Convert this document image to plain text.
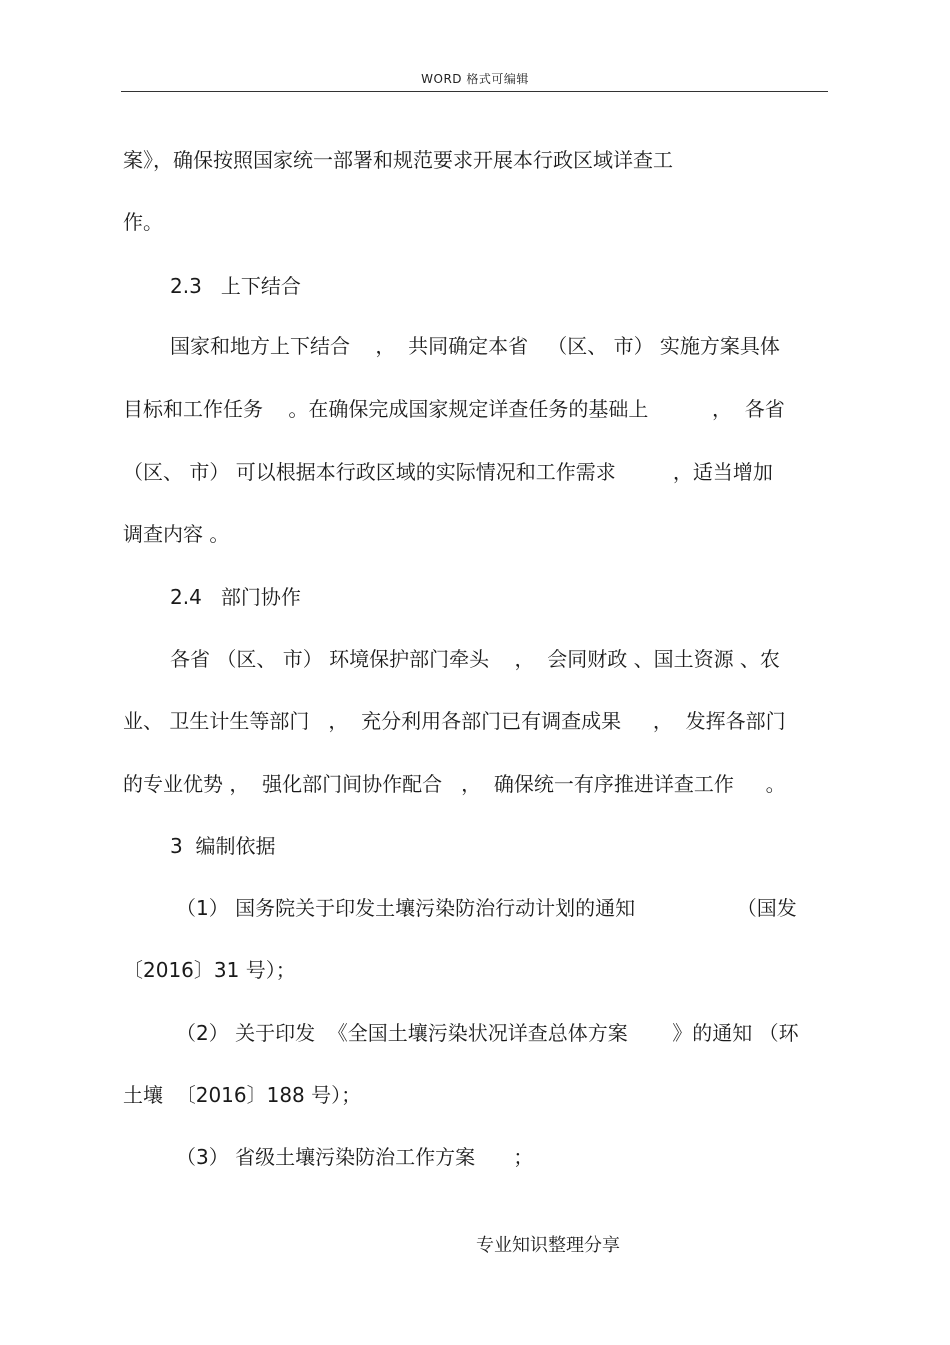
WORD 格式可编辑
案》，确保按照国家统一部署和规范要求开展本行政区域详查工
作。
2.3   上下结合
国家和地方上下结合    ，  共同确定本省   （区、 市） 实施方案具体
目标和工作任务    。在确保完成国家规定详查任务的基础上          ，  各省
（区、 市） 可以根据本行政区域的实际情况和工作需求         ，适当增加
调查内容 。
2.4   部门协作
各省 （区、 市） 环境保护部门牵头    ，  会同财政 、国土资源 、农
业、 卫生计生等部门   ，  充分利用各部门已有调查成果     ，  发挥各部门
的专业优势 ，  强化部门间协作配合   ，  确保统一有序推进详查工作     。
3  编制依据
（1） 国务院关于印发土壤污染防治行动计划的通知                （国发
〔2016〕31 号）；
（2） 关于印发  《全国土壤污染状况详查总体方案       》的通知 （环
土壤  〔2016〕188 号）；
（3） 省级土壤污染防治工作方案      ；
专业知识整理分享
